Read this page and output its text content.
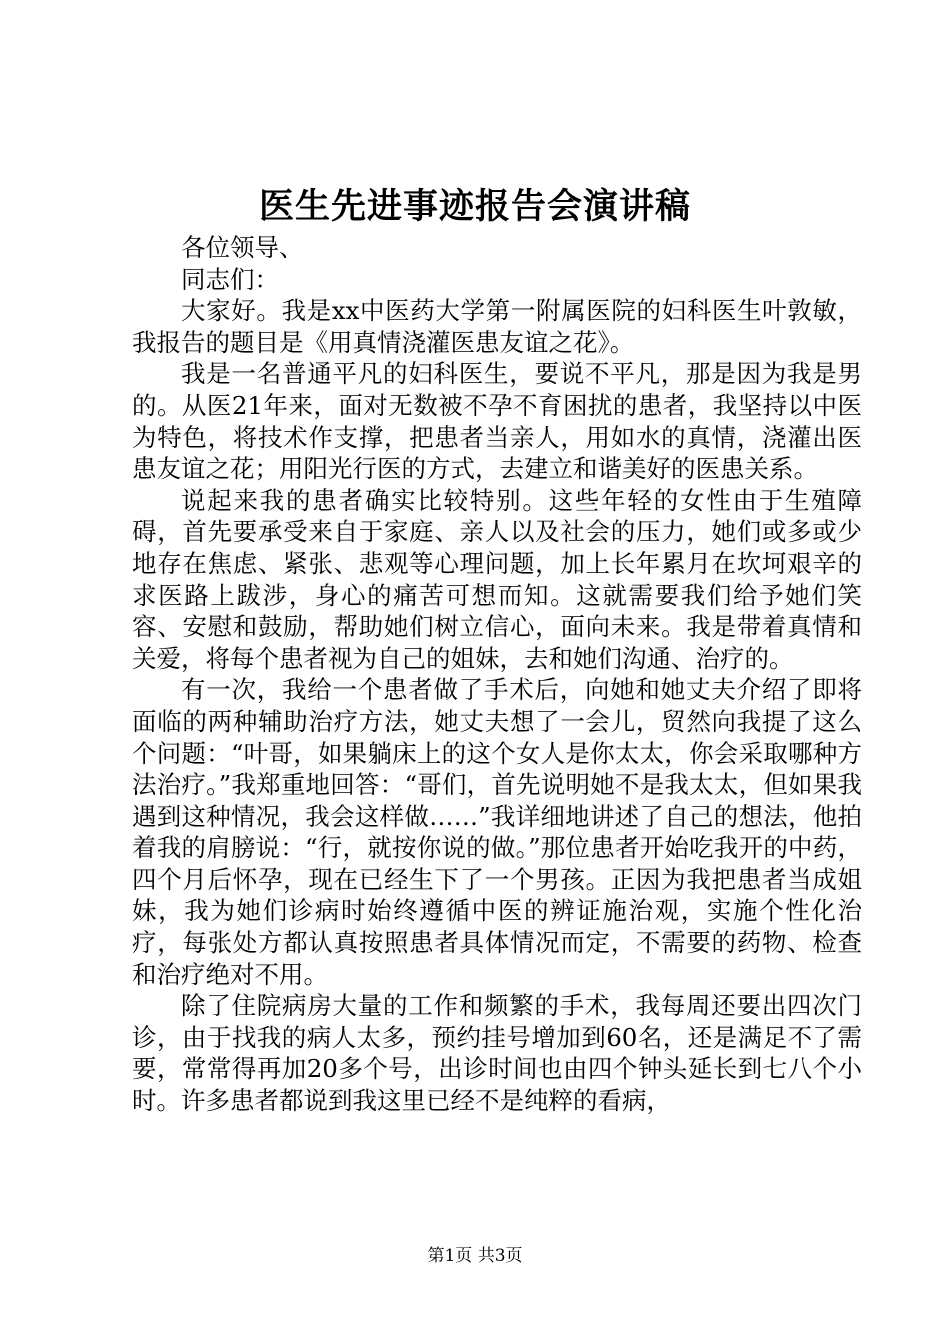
医生先进事迹报告会演讲稿

各位领导、

同志们：

大家好。我是xx中医药大学第一附属医院的妇科医生叶敦敏，我报告的题目是《用真情浇灌医患友谊之花》。

我是一名普通平凡的妇科医生，要说不平凡，那是因为我是男的。从医21年来，面对无数被不孕不育困扰的患者，我坚持以中医为特色，将技术作支撑，把患者当亲人，用如水的真情，浇灌出医患友谊之花；用阳光行医的方式，去建立和谐美好的医患关系。

说起来我的患者确实比较特别。这些年轻的女性由于生殖障碍，首先要承受来自于家庭、亲人以及社会的压力，她们或多或少地存在焦虑、紧张、悲观等心理问题，加上长年累月在坎坷艰辛的求医路上跋涉，身心的痛苦可想而知。这就需要我们给予她们笑容、安慰和鼓励，帮助她们树立信心，面向未来。我是带着真情和关爱，将每个患者视为自己的姐妹，去和她们沟通、治疗的。

有一次，我给一个患者做了手术后，向她和她丈夫介绍了即将面临的两种辅助治疗方法，她丈夫想了一会儿，贸然向我提了这么个问题：“叶哥，如果躺床上的这个女人是你太太，你会采取哪种方法治疗。”我郑重地回答：“哥们，首先说明她不是我太太，但如果我遇到这种情况，我会这样做……”我详细地讲述了自己的想法，他拍着我的肩膀说：“行，就按你说的做。”那位患者开始吃我开的中药，四个月后怀孕，现在已经生下了一个男孩。正因为我把患者当成姐妹，我为她们诊病时始终遵循中医的辨证施治观，实施个性化治疗，每张处方都认真按照患者具体情况而定，不需要的药物、检查和治疗绝对不用。

除了住院病房大量的工作和频繁的手术，我每周还要出四次门诊，由于找我的病人太多，预约挂号增加到60名，还是满足不了需要，常常得再加20多个号，出诊时间也由四个钟头延长到七八个小时。许多患者都说到我这里已经不是纯粹的看病，

第1页 共3页
